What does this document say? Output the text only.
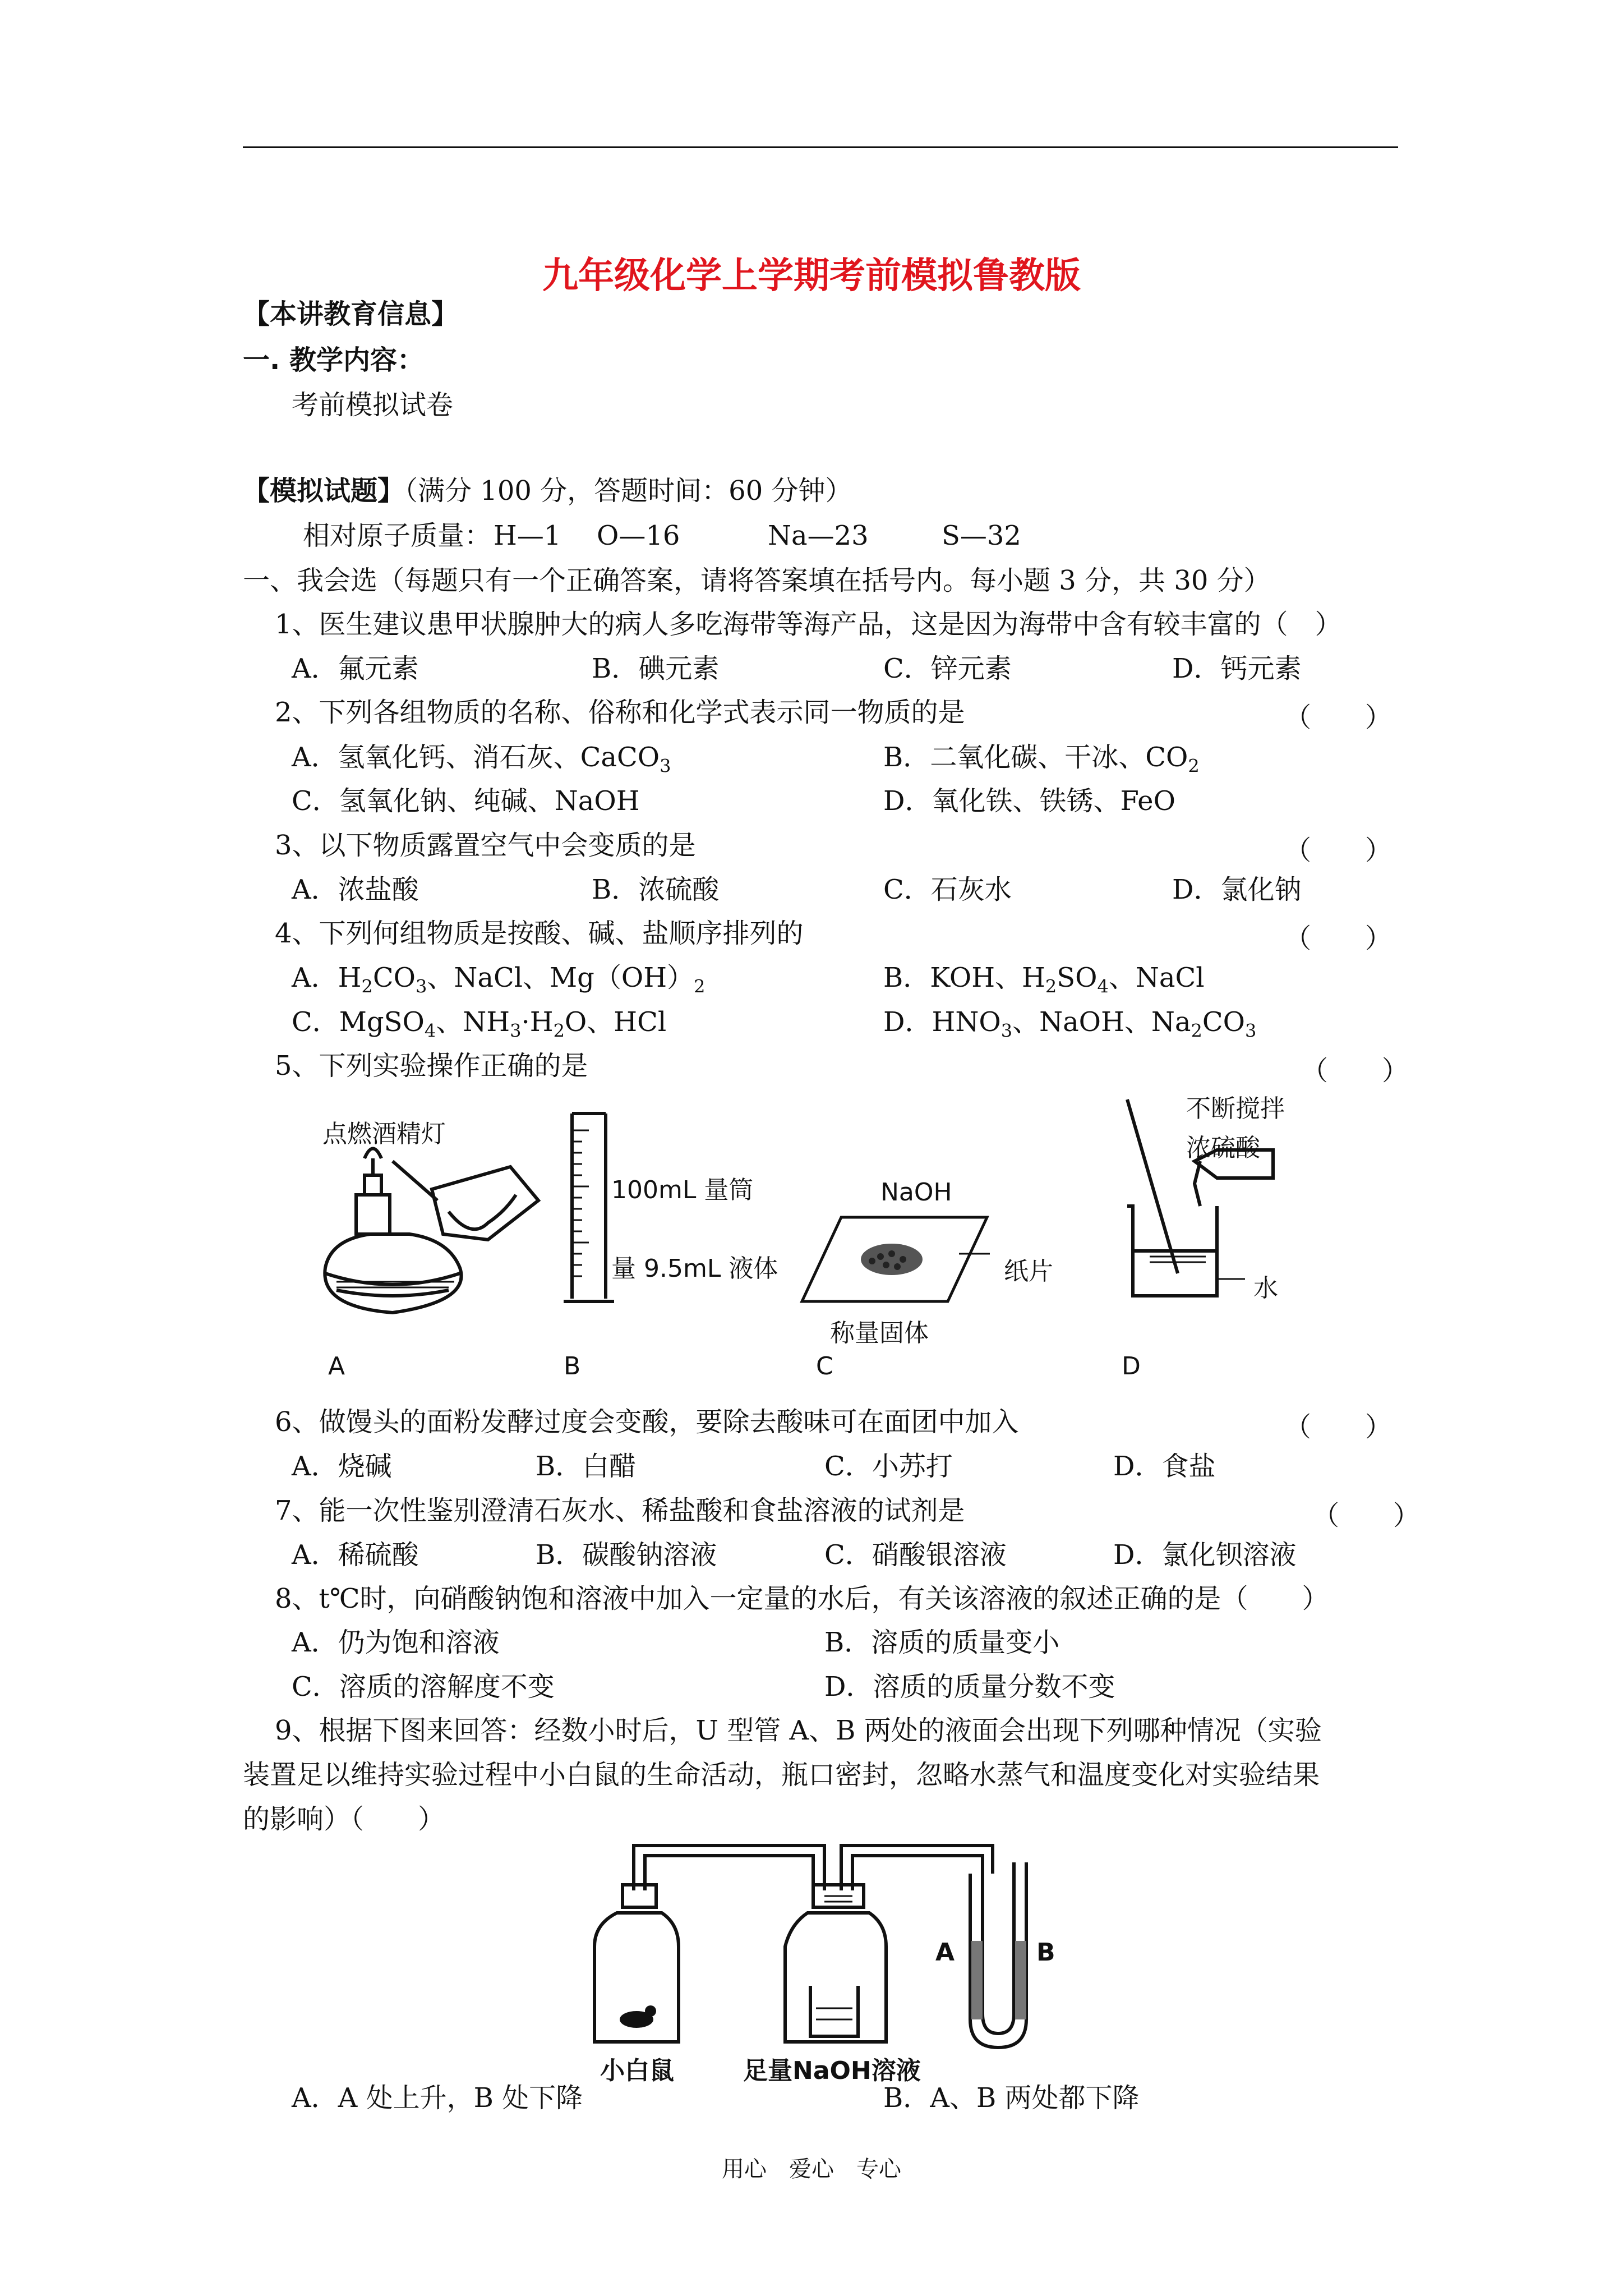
九年级化学上学期考前模拟鲁教版
【本讲教育信息】
一. 教学内容：
考前模拟试卷
【模拟试题】（满分 100 分，答题时间：60 分钟）
相对原子质量： H—1 O—16	Na—23	S—32
一、我会选（每题只有一个正确答案，请将答案填在括号内。每小题 3 分，共 30 分）
1、医生建议患甲状腺肿大的病人多吃海带等海产品，这是因为海带中含有较丰富的（　）
A．氟元素	B．碘元素	C．锌元素	D．钙元素
2、下列各组物质的名称、俗称和化学式表示同一物质的是	（　　）
A．氢氧化钙、消石灰、CaCO$_3$	B．二氧化碳、干冰、$CO_2$
C．氢氧化钠、纯碱、NaOH	D．氧化铁、铁锈、FeO
3、以下物质露置空气中会变质的是	（　　）
A．浓盐酸	B．浓硫酸	C．石灰水	D．氯化钠
4、下列何组物质是按酸、碱、盐顺序排列的	（　　）
A．$H_2CO_3$、NaCl、$Mg(OH)_2$	B．KOH、$H_2SO_4$、NaCl
C．MgSO$_4$、$NH_3\cdot H_2O$、HCl	D．$HNO_3$、NaOH、$Na_2CO_3$
5、下列实验操作正确的是	（　　）
点燃酒精灯
100mL 量筒
量 9.5mL 液体
NaOH
纸片
称量固体
不断搅拌
浓硫酸
水
A	B	C	D
6、做馒头的面粉发酵过度会变酸，要除去酸味可在面团中加入	（　　）
A．烧碱	B．白醋	C．小苏打	D．食盐
7、能一次性鉴别澄清石灰水、稀盐酸和食盐溶液的试剂是	（　　）
A．稀硫酸	B．碳酸钠溶液	C．硝酸银溶液	D．氯化钡溶液
8、t℃时，向硝酸钠饱和溶液中加入一定量的水后，有关该溶液的叙述正确的是（　　）
A．仍为饱和溶液	B．溶质的质量变小
C．溶质的溶解度不变	D．溶质的质量分数不变
9、根据下图来回答：经数小时后，U 型管 A、B 两处的液面会出现下列哪种情况（实验
装置足以维持实验过程中小白鼠的生命活动，瓶口密封，忽略水蒸气和温度变化对实验结果
的影响）（　　）
小白鼠	足量NaOH溶液
A	B
A．A 处上升，B 处下降	B．A、B 两处都下降
用心　爱心　专心
